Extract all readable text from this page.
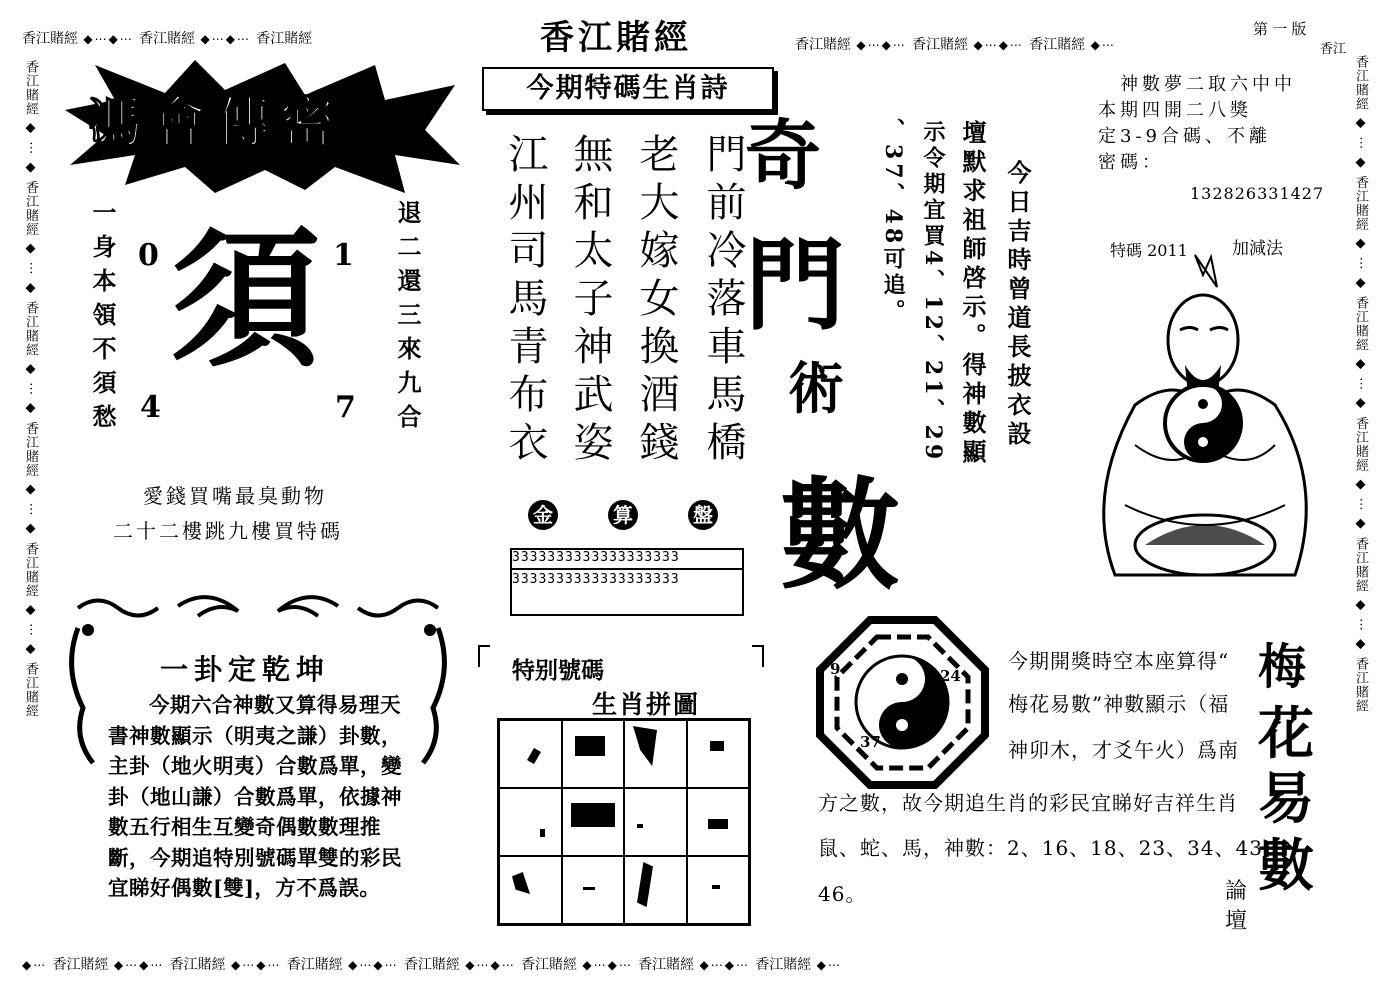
香江賭經 ◆⋯◆⋯ 香江賭經 ◆⋯◆⋯ 香江賭經	香江賭經	香江賭經 ◆⋯◆⋯ 香江賭經 ◆⋯◆⋯ 香江賭經 ◆⋯
第 一 版
香江
香江賭經 ◆ ⋯ ◆ 香江賭經 ◆ ⋯ ◆ 香江賭經 ◆ ⋯ ◆ 香江賭經 ◆ ⋯ ◆ 香江賭經 ◆ ⋯ ◆ 香江賭經
香江賭經 ◆ ⋯ ◆ 香江賭經 ◆ ⋯ ◆ 香江賭經 ◆ ⋯ ◆ 香江賭經 ◆ ⋯ ◆ 香江賭經 ◆ ⋯ ◆ 香江賭經
◆⋯ 香江賭經 ◆⋯◆⋯ 香江賭經 ◆⋯◆⋯ 香江賭經 ◆⋯◆⋯ 香江賭經 ◆⋯◆⋯ 香江賭經 ◆⋯◆⋯ 香江賭經 ◆⋯◆⋯ 香江賭經 ◆⋯
馮會傳密
一身本領不須愁	退二還三來九合
0	1
4	7
須
愛錢買嘴最臭動物
二十二樓跳九樓買特碼
今期特碼生肖詩
門前冷落車馬橋
老大嫁女換酒錢
無和太子神武姿
江州司馬青布衣	奇
門
術
數
金	算	盤
3333333333333333333
3333333333333333333
今日吉時曾道長披衣設
壇默求祖師啓示。得神數顯
示令期宜買4、12、21、29
、37、48可追。
神數夢二取六中中
本期四開二八獎
定3-9合碼、不離
密碼：
132826331427
特碼 2011	加減法
一卦定乾坤
今期六合神數又算得易理天書神數顯示（明夷之謙）卦數，主卦（地火明夷）合數爲單，變卦（地山謙）合數爲單，依據神數五行相生互變奇偶數數理推斷，今期追特別號碼單雙的彩民宜睇好偶數[雙]，方不爲誤。
特别號碼
生肖拼圖
9	24
37
今期開獎時空本座算得“
梅花易數”神數顯示（福
神卯木，才爻午火）爲南
方之數，故今期追生肖的彩民宜睇好吉祥生肖
鼠、蛇、馬，神數：2、16、18、23、34、43、
46。
梅
花
易
數
論
壇
